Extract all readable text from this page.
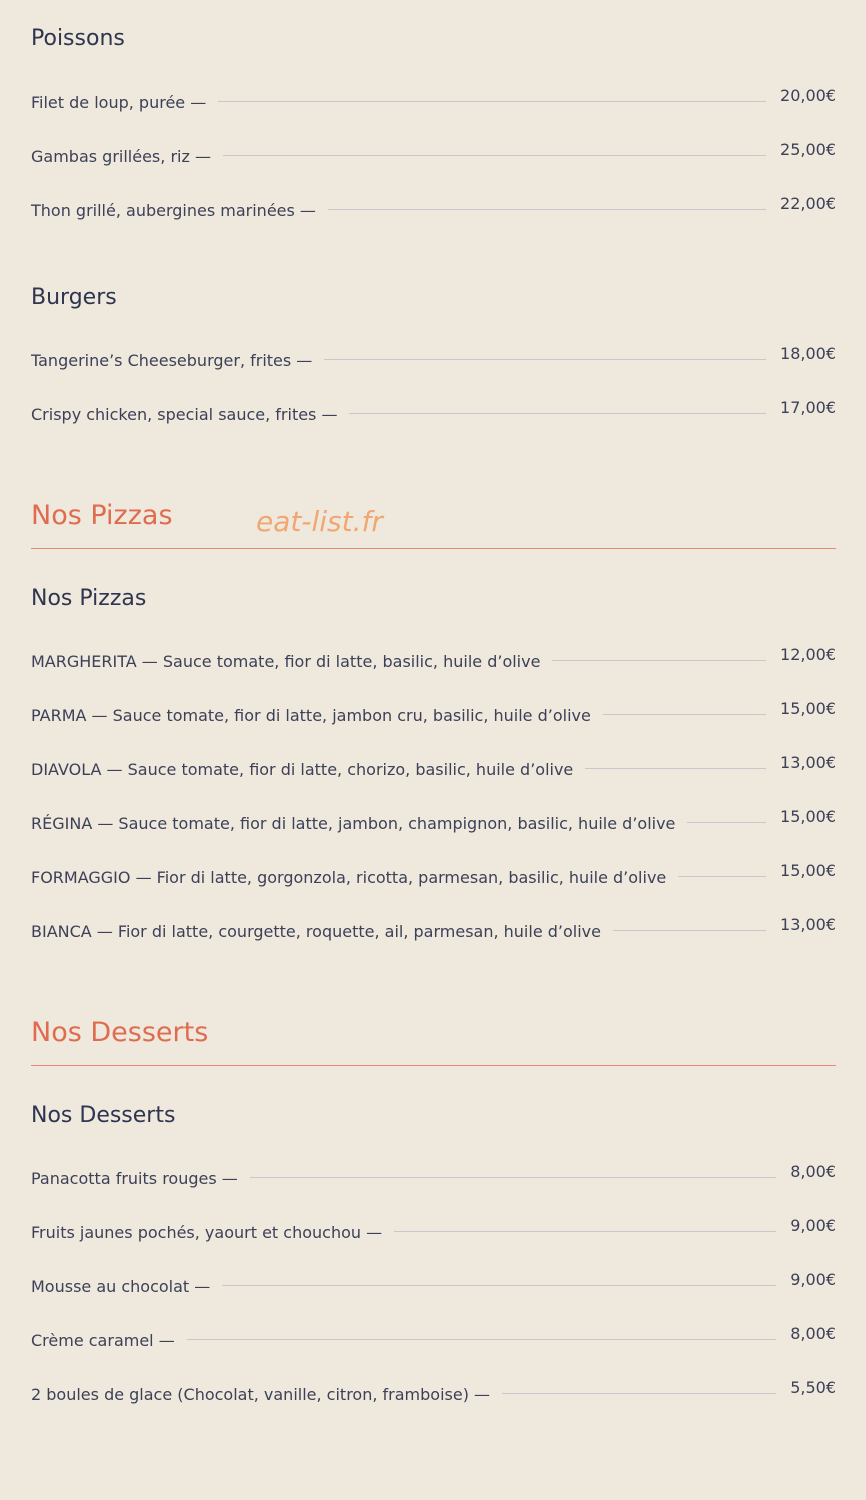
Poissons
Filet de loup, purée —	20,00€
Gambas grillées, riz —	25,00€
Thon grillé, aubergines marinées —	22,00€
Burgers
Tangerine’s Cheeseburger, frites —	18,00€
Crispy chicken, special sauce, frites —	17,00€
Nos Pizzas
Nos Pizzas
MARGHERITA — Sauce tomate, fior di latte, basilic, huile d’olive	12,00€
PARMA — Sauce tomate, fior di latte, jambon cru, basilic, huile d’olive	15,00€
DIAVOLA — Sauce tomate, fior di latte, chorizo, basilic, huile d’olive	13,00€
RÉGINA — Sauce tomate, fior di latte, jambon, champignon, basilic, huile d’olive	15,00€
FORMAGGIO — Fior di latte, gorgonzola, ricotta, parmesan, basilic, huile d’olive	15,00€
BIANCA — Fior di latte, courgette, roquette, ail, parmesan, huile d’olive	13,00€
Nos Desserts
Nos Desserts
Panacotta fruits rouges —	8,00€
Fruits jaunes pochés, yaourt et chouchou —	9,00€
Mousse au chocolat —	9,00€
Crème caramel —	8,00€
2 boules de glace (Chocolat, vanille, citron, framboise) —	5,50€
eat-list.fr
